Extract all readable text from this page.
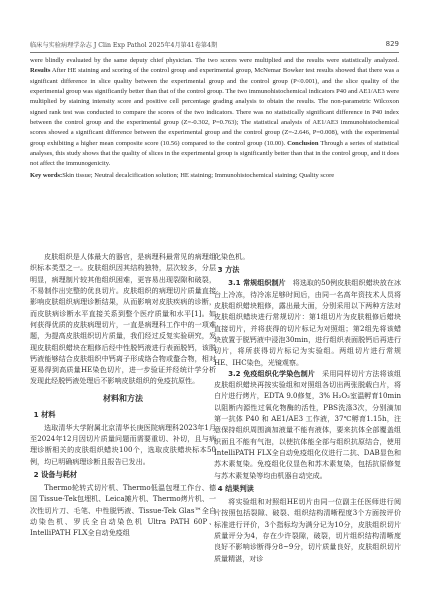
临床与实验病理学杂志 J Clin Exp Pathol 2025年4月第41卷第4期	829

were blindly evaluated by the same deputy chief physician. The two scores were multiplied and the results were statistically analyzed. Results After HE staining and scoring of the control group and experimental group, McNemar Bowker test results showed that there was a significant difference in slice quality between the experimental group and the control group (P<0.001), and the slice quality of the experimental group was significantly better than that of the control group. The two immunohistochemical indicators P40 and AE1/AE3 were multiplied by staining intensity score and positive cell percentage grading analysis to obtain the results. The non-parametric Wilcoxon signed rank test was conducted to compare the scores of the two indicators. There was no statistically significant difference in P40 index between the control group and the experimental group (Z=-0.302, P=0.763); The statistical analysis of AE1/AE3 immunohistochemical scores showed a significant difference between the experimental group and the control group (Z=-2.646, P=0.008), with the experimental group exhibiting a higher mean composite score (10.56) compared to the control group (10.00). Conclusion Through a series of statistical analyses, this study shows that the quality of slices in the experimental group is significantly better than that in the control group, and it does not affect the immunogenicity.

Key words:Skin tissue; Neutral decalcification solution; HE staining; Immunohistochemical staining; Quality score

皮肤组织是人体最大的器官，是病理科最常见的病理组织标本类型之一。皮肤组织因其结构独特，层次较多，分层明显，病理制片较其他组织困难，更容易出现裂隙和破裂，不易制作出完整的优良切片。皮肤组织的病理切片质量直接影响皮肤组织病理诊断结果，从而影响对皮肤疾病的诊断，而皮肤病诊断水平直接关系到整个医疗质量和水平[1]。如何获得优质的皮肤病理切片，一直是病理科工作中的一项难题，为提高皮肤组织切片质量，我们经过反复实验研究，发现皮肤组织蜡块在粗修后经中性脱钙液进行表面脱钙，该脱钙液能够结合皮肤组织中钙离子形成络合物或螯合物，相对更易得到高质量HE染色切片，进一步验证并经统计学分析发现此经脱钙液处理后不影响皮肤组织的免疫抗原性。

材料和方法
1 材料

选取清华大学附属北京清华长庚医院病理科2023年1月至2024年12月因切片质量问题而需要重切、补切，且与病理诊断相关的皮肤组织蜡块100个，选取皮肤蜡块标本50例，均已明确病理诊断且报告已发出。

2 设备与耗材

Thermo轮转式切片机、Thermo低温包埋工作台、德国 Tissue-Tek包埋机、Leica摊片机、Thermo烤片机、一次性切片刀、毛笔、中性脱钙液、Tissue-Tek Glas™全自动染色机、罗氏全自动染色机 Ultra PATH 60P、IntelliPATH FLX全自动免疫组

化染色机。

3 方法

3.1 常规组织制片  将选取的50例皮肤组织蜡块放在冰台上冷冻，待冷冻足够时间后，由同一名高年资技术人员将皮肤组织蜡块粗修，露出最大面，分别采用以下两种方法对皮肤组织蜡块进行常规切片：第1组切片为皮肤粗修后蜡块直接切片，并将获得的切片标记为对照组；第2组先将该蜡块放置于脱钙液中浸泡30min，进行组织表面脱钙后再进行切片，将所获得切片标记为实验组。两组切片进行常规HE、IHC染色，光镜观察。

3.2 免疫组织化学染色制片  采用同样切片方法将该组皮肤组织蜡块再按实验组和对照组各切出两张脱载白片，将白片进行烤片，EDTA 9.0修复，3% H₂O₂室温孵育10min以阻断内源性过氧化物酶的活性，PBS洗涤3次，分别滴加第一抗体 P40 和 AE1/AE3 工作液，37℃孵育1.15h，注意保持组织周围滴加液量不能有液体，要来抗体全部覆盖组织面且不能有气泡，以使抗体能全部与组织抗原结合，使用IntelliPATH FLX全自动免疫组化仪进行二抗、DAB显色和苏木素复染。免疫组化仪显色和苏木素复染，包括抗原修复与苏木素复染等均由机器自动完成。

4 结果判读

将实验组和对照组HE切片由同一位副主任医师进行阅片按照包括裂隙、破裂、组织结构清晰程度3个方面按评价标准进行评价，3个指标均为满分记为10分，皮肤组织切片质量评分为4，存在少许裂隙，破裂，切片组织结构清晰度良好不影响诊断得分8~9分，切片质量良好，皮肤组织切片质量精湛，对诊
